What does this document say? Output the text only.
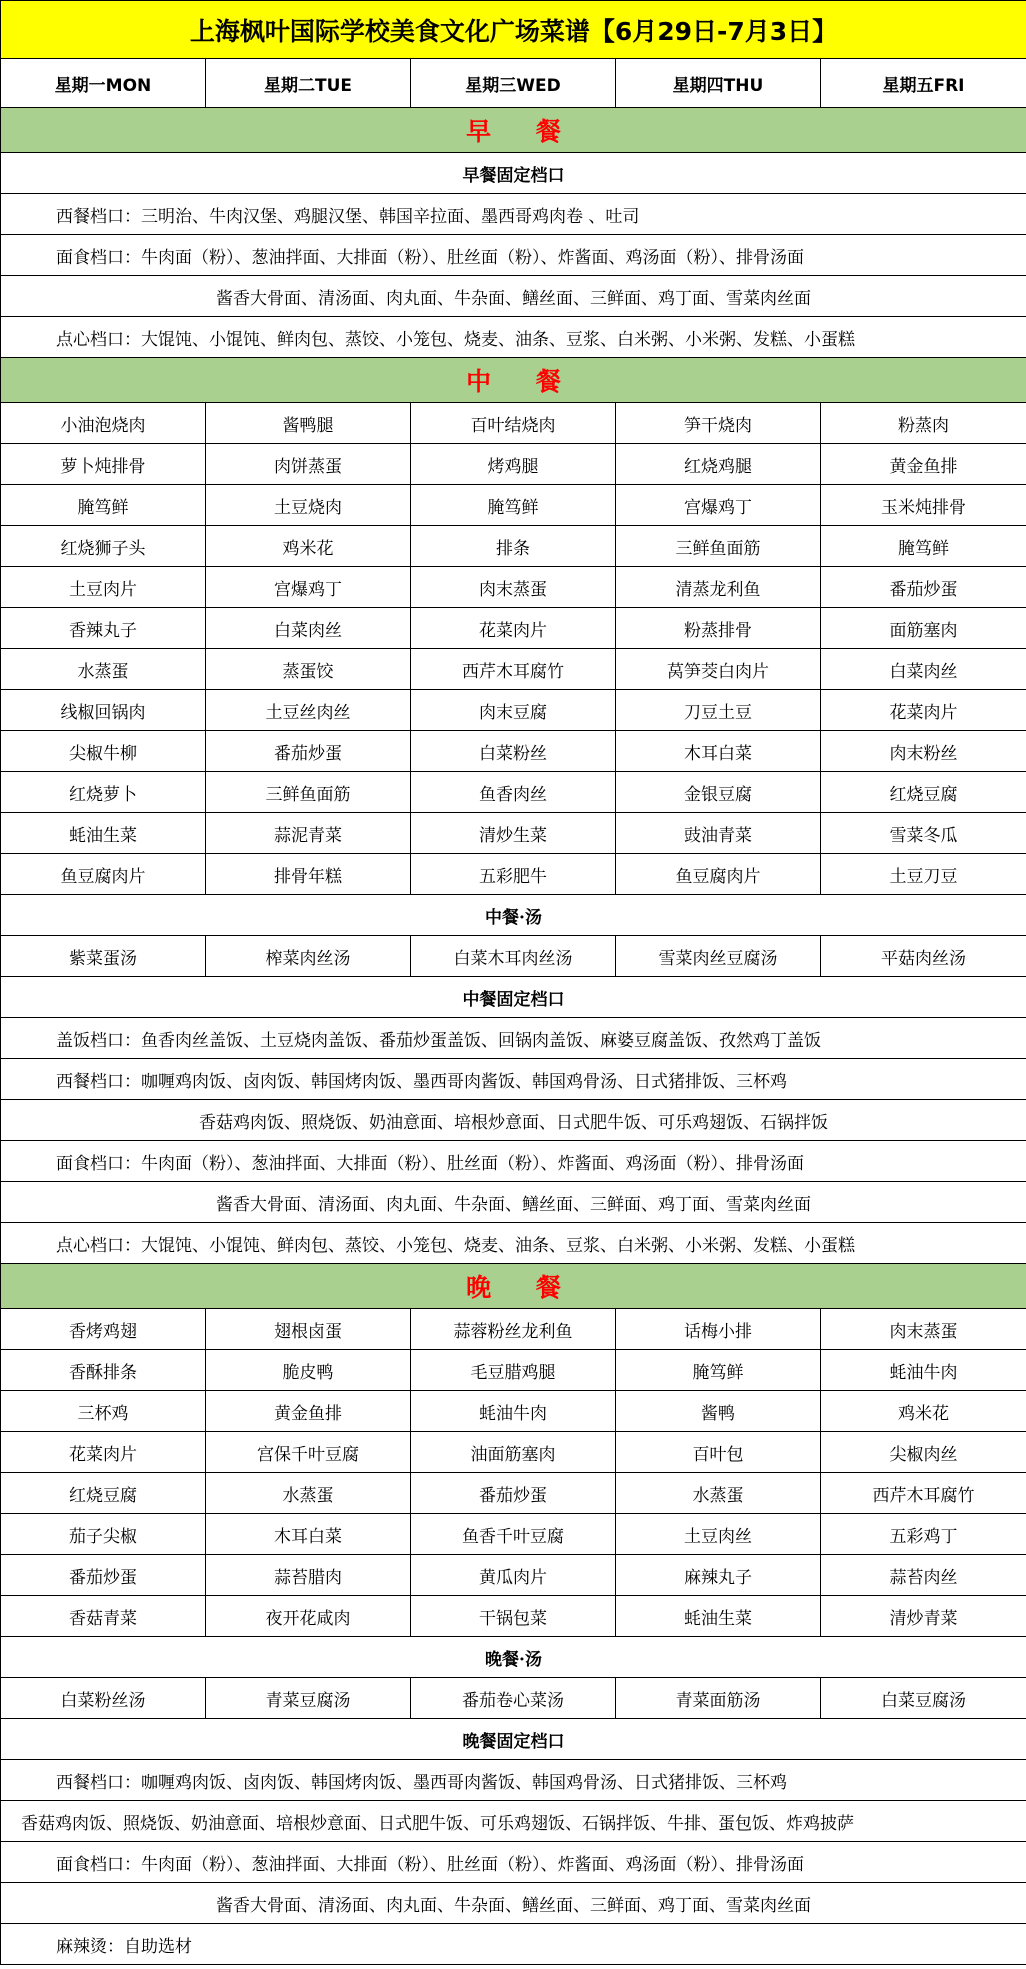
上海枫叶国际学校美食文化广场菜谱【6月29日-7月3日】				
星期一MON	星期二TUE	星期三WED	星期四THU	星期五FRI
早 餐				
早餐固定档口				
西餐档口：三明治、牛肉汉堡、鸡腿汉堡、韩国辛拉面、墨西哥鸡肉卷 、吐司				
面食档口：牛肉面（粉）、葱油拌面、大排面（粉）、肚丝面（粉）、炸酱面、鸡汤面（粉）、排骨汤面				
酱香大骨面、清汤面、肉丸面、牛杂面、鳝丝面、三鲜面、鸡丁面、雪菜肉丝面				
点心档口：大馄饨、小馄饨、鲜肉包、蒸饺、小笼包、烧麦、油条、豆浆、白米粥、小米粥、发糕、小蛋糕				
中 餐				
小油泡烧肉	酱鸭腿	百叶结烧肉	笋干烧肉	粉蒸肉
萝卜炖排骨	肉饼蒸蛋	烤鸡腿	红烧鸡腿	黄金鱼排
腌笃鲜	土豆烧肉	腌笃鲜	宫爆鸡丁	玉米炖排骨
红烧狮子头	鸡米花	排条	三鲜鱼面筋	腌笃鲜
土豆肉片	宫爆鸡丁	肉末蒸蛋	清蒸龙利鱼	番茄炒蛋
香辣丸子	白菜肉丝	花菜肉片	粉蒸排骨	面筋塞肉
水蒸蛋	蒸蛋饺	西芹木耳腐竹	莴笋茭白肉片	白菜肉丝
线椒回锅肉	土豆丝肉丝	肉末豆腐	刀豆土豆	花菜肉片
尖椒牛柳	番茄炒蛋	白菜粉丝	木耳白菜	肉末粉丝
红烧萝卜	三鲜鱼面筋	鱼香肉丝	金银豆腐	红烧豆腐
蚝油生菜	蒜泥青菜	清炒生菜	豉油青菜	雪菜冬瓜
鱼豆腐肉片	排骨年糕	五彩肥牛	鱼豆腐肉片	土豆刀豆
中餐·汤				
紫菜蛋汤	榨菜肉丝汤	白菜木耳肉丝汤	雪菜肉丝豆腐汤	平菇肉丝汤
中餐固定档口				
盖饭档口：鱼香肉丝盖饭、土豆烧肉盖饭、番茄炒蛋盖饭、回锅肉盖饭、麻婆豆腐盖饭、孜然鸡丁盖饭				
西餐档口：咖喱鸡肉饭、卤肉饭、韩国烤肉饭、墨西哥肉酱饭、韩国鸡骨汤、日式猪排饭、三杯鸡				
香菇鸡肉饭、照烧饭、奶油意面、培根炒意面、日式肥牛饭、可乐鸡翅饭、石锅拌饭				
面食档口：牛肉面（粉）、葱油拌面、大排面（粉）、肚丝面（粉）、炸酱面、鸡汤面（粉）、排骨汤面				
酱香大骨面、清汤面、肉丸面、牛杂面、鳝丝面、三鲜面、鸡丁面、雪菜肉丝面				
点心档口：大馄饨、小馄饨、鲜肉包、蒸饺、小笼包、烧麦、油条、豆浆、白米粥、小米粥、发糕、小蛋糕				
晚 餐				
香烤鸡翅	翅根卤蛋	蒜蓉粉丝龙利鱼	话梅小排	肉末蒸蛋
香酥排条	脆皮鸭	毛豆腊鸡腿	腌笃鲜	蚝油牛肉
三杯鸡	黄金鱼排	蚝油牛肉	酱鸭	鸡米花
花菜肉片	宫保千叶豆腐	油面筋塞肉	百叶包	尖椒肉丝
红烧豆腐	水蒸蛋	番茄炒蛋	水蒸蛋	西芹木耳腐竹
茄子尖椒	木耳白菜	鱼香千叶豆腐	土豆肉丝	五彩鸡丁
番茄炒蛋	蒜苔腊肉	黄瓜肉片	麻辣丸子	蒜苔肉丝
香菇青菜	夜开花咸肉	干锅包菜	蚝油生菜	清炒青菜
晚餐·汤				
白菜粉丝汤	青菜豆腐汤	番茄卷心菜汤	青菜面筋汤	白菜豆腐汤
晚餐固定档口				
西餐档口：咖喱鸡肉饭、卤肉饭、韩国烤肉饭、墨西哥肉酱饭、韩国鸡骨汤、日式猪排饭、三杯鸡				
香菇鸡肉饭、照烧饭、奶油意面、培根炒意面、日式肥牛饭、可乐鸡翅饭、石锅拌饭、牛排、蛋包饭、炸鸡披萨				
面食档口：牛肉面（粉）、葱油拌面、大排面（粉）、肚丝面（粉）、炸酱面、鸡汤面（粉）、排骨汤面				
酱香大骨面、清汤面、肉丸面、牛杂面、鳝丝面、三鲜面、鸡丁面、雪菜肉丝面				
麻辣烫：自助选材				
